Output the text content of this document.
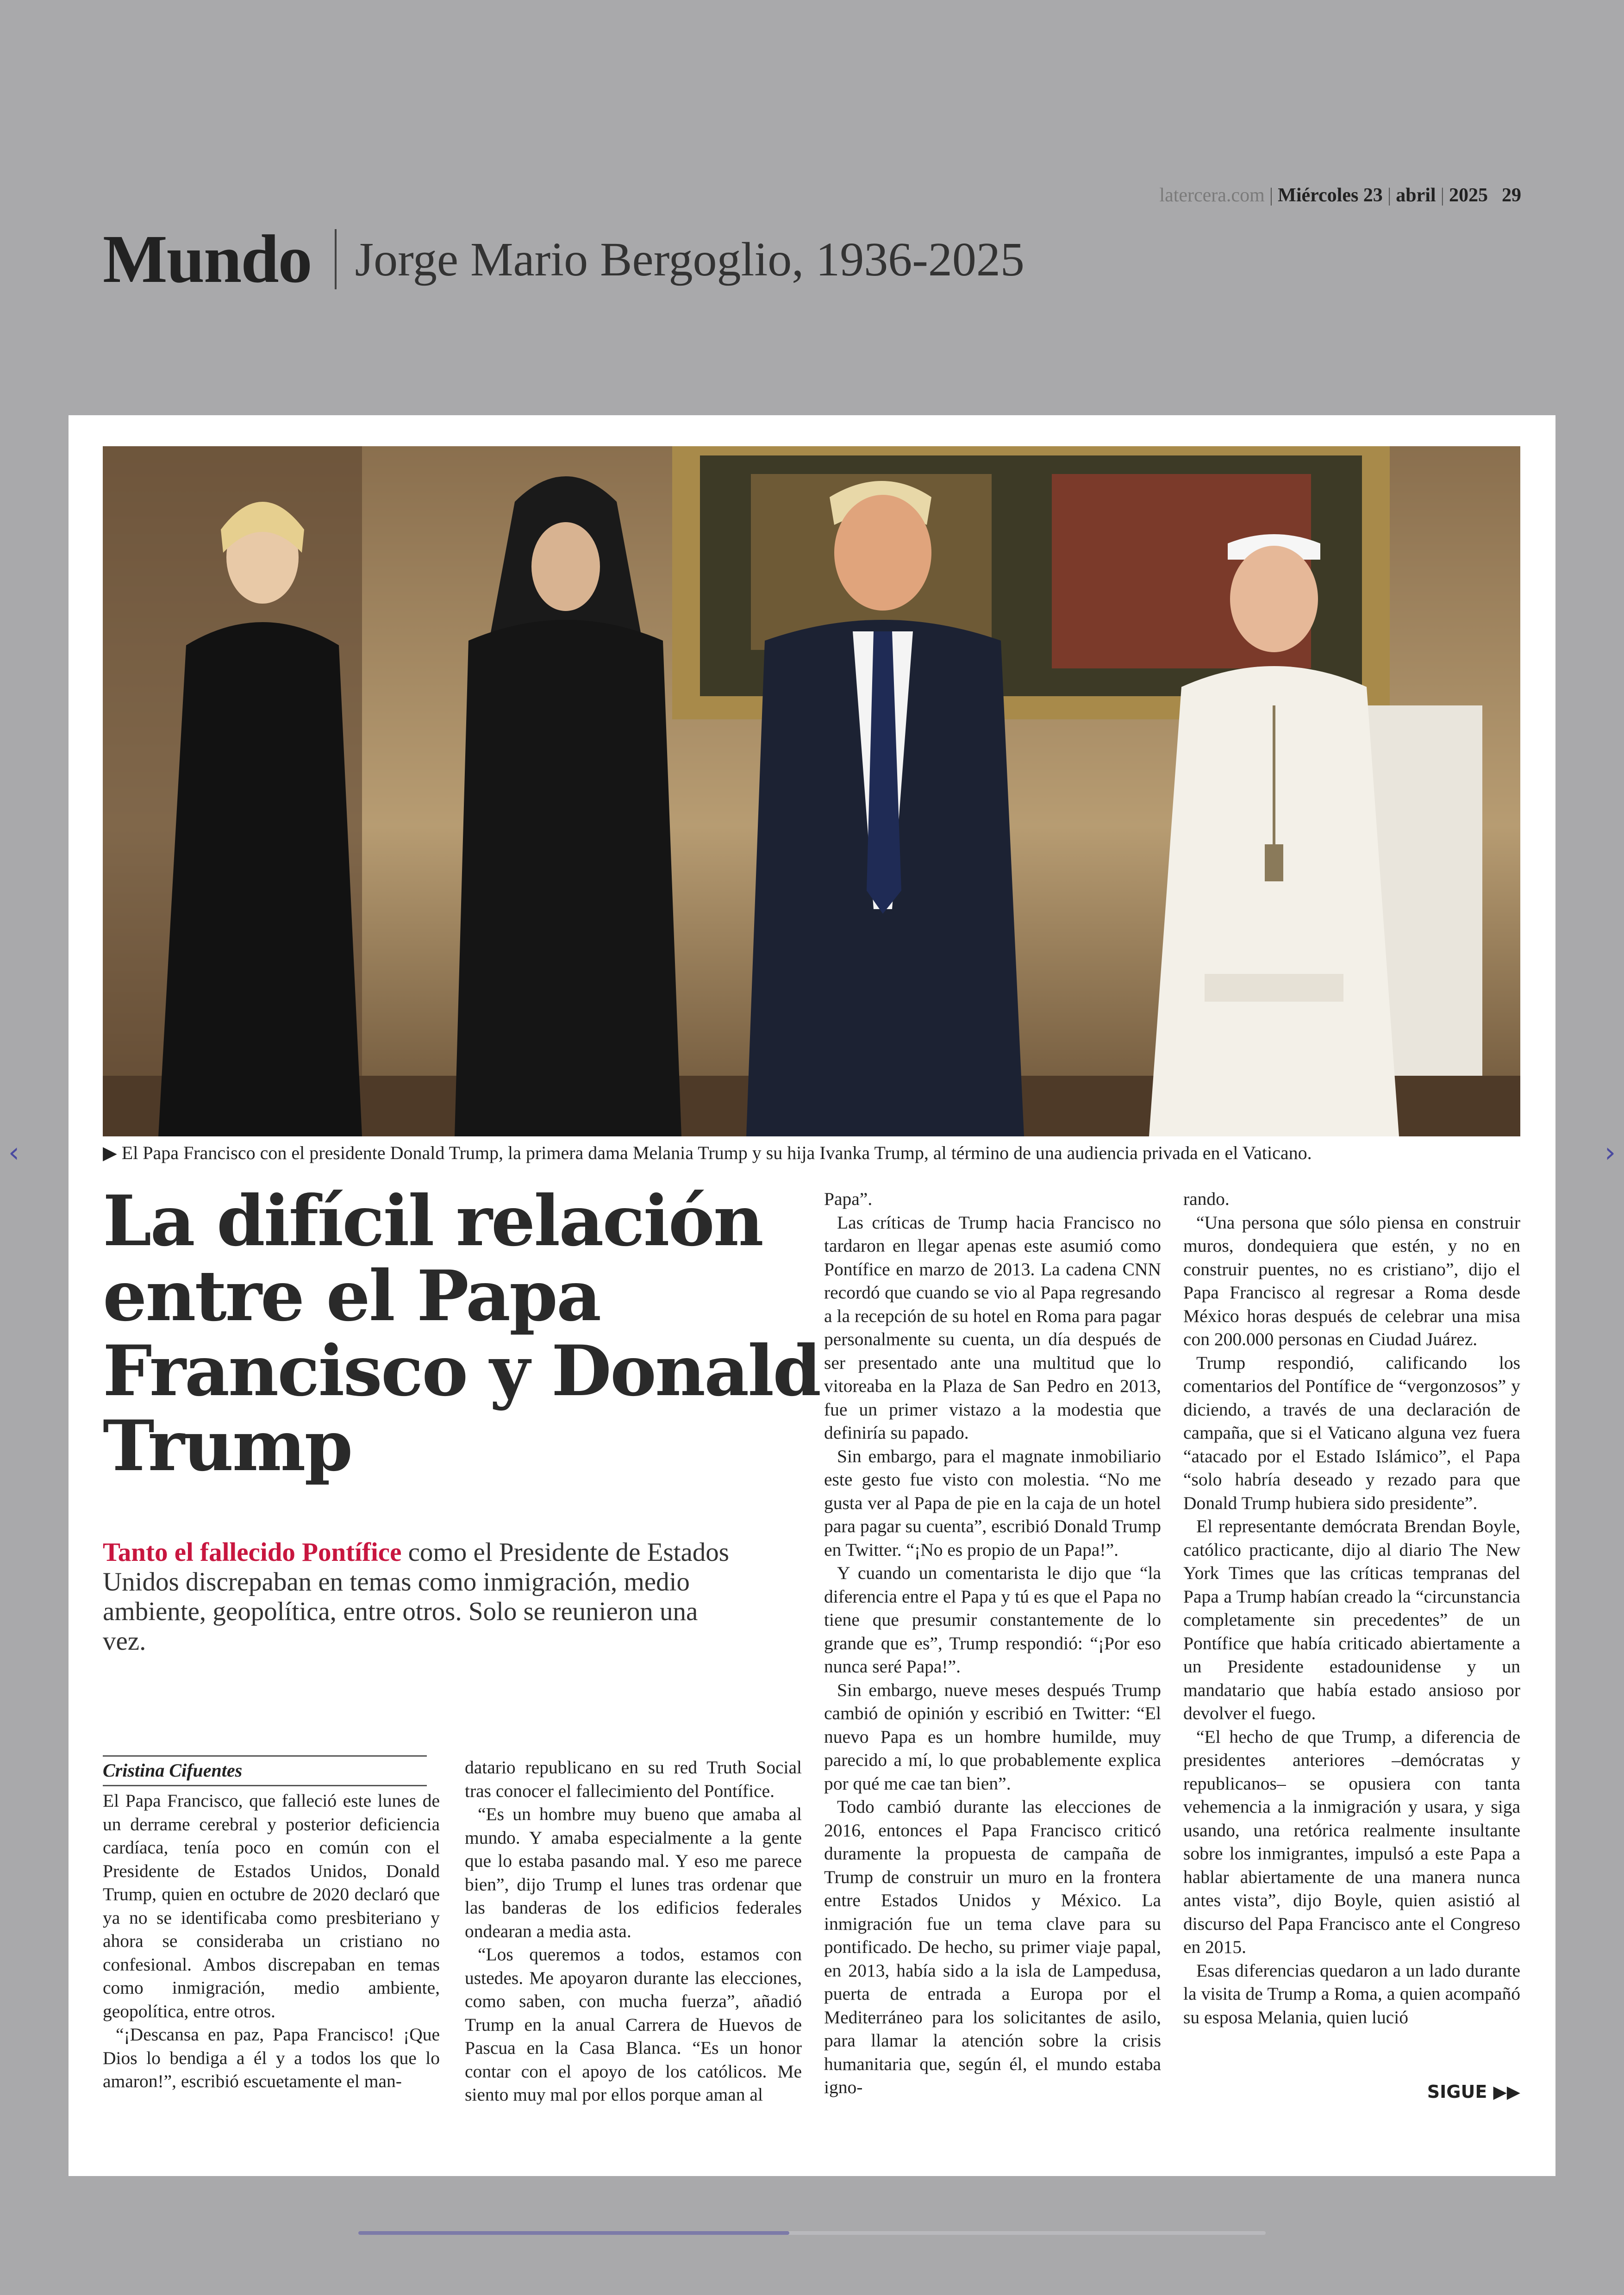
latercera.com | Miércoles 23 | abril | 2025 29
Mundo Jorge Mario Bergoglio, 1936-2025
‹	›
▶ El Papa Francisco con el presidente Donald Trump, la primera dama Melania Trump y su hija Ivanka Trump, al término de una audiencia privada en el Vaticano.
La difícil relación entre el Papa Francisco y Donald Trump

Tanto el fallecido Pontífice como el Presidente de Estados Unidos discrepaban en temas como inmigración, medio ambiente, geopolítica, entre otros. Solo se reunieron una vez.

Cristina Cifuentes

El Papa Francisco, que falleció este lunes de un derrame cerebral y posterior deficiencia cardíaca, tenía poco en común con el Presidente de Estados Unidos, Donald Trump, quien en octubre de 2020 declaró que ya no se identificaba como presbiteriano y ahora se consideraba un cristiano no confesional. Ambos discrepaban en temas como inmigración, medio ambiente, geopolítica, entre otros.

“¡Descansa en paz, Papa Francisco! ¡Que Dios lo bendiga a él y a todos los que lo amaron!”, escribió escuetamente el man-

datario republicano en su red Truth Social tras conocer el fallecimiento del Pontífice.

“Es un hombre muy bueno que amaba al mundo. Y amaba especialmente a la gente que lo estaba pasando mal. Y eso me parece bien”, dijo Trump el lunes tras ordenar que las banderas de los edificios federales ondearan a media asta.

“Los queremos a todos, estamos con ustedes. Me apoyaron durante las elecciones, como saben, con mucha fuerza”, añadió Trump en la anual Carrera de Huevos de Pascua en la Casa Blanca. “Es un honor contar con el apoyo de los católicos. Me siento muy mal por ellos porque aman al

Papa”.

Las críticas de Trump hacia Francisco no tardaron en llegar apenas este asumió como Pontífice en marzo de 2013. La cadena CNN recordó que cuando se vio al Papa regresando a la recepción de su hotel en Roma para pagar personalmente su cuenta, un día después de ser presentado ante una multitud que lo vitoreaba en la Plaza de San Pedro en 2013, fue un primer vistazo a la modestia que definiría su papado.

Sin embargo, para el magnate inmobiliario este gesto fue visto con molestia. “No me gusta ver al Papa de pie en la caja de un hotel para pagar su cuenta”, escribió Donald Trump en Twitter. “¡No es propio de un Papa!”.

Y cuando un comentarista le dijo que “la diferencia entre el Papa y tú es que el Papa no tiene que presumir constantemente de lo grande que es”, Trump respondió: “¡Por eso nunca seré Papa!”.

Sin embargo, nueve meses después Trump cambió de opinión y escribió en Twitter: “El nuevo Papa es un hombre humilde, muy parecido a mí, lo que probablemente explica por qué me cae tan bien”.

Todo cambió durante las elecciones de 2016, entonces el Papa Francisco criticó duramente la propuesta de campaña de Trump de construir un muro en la frontera entre Estados Unidos y México. La inmigración fue un tema clave para su pontificado. De hecho, su primer viaje papal, en 2013, había sido a la isla de Lampedusa, puerta de entrada a Europa por el Mediterráneo para los solicitantes de asilo, para llamar la atención sobre la crisis humanitaria que, según él, el mundo estaba igno-

rando.

“Una persona que sólo piensa en construir muros, dondequiera que estén, y no en construir puentes, no es cristiano”, dijo el Papa Francisco al regresar a Roma desde México horas después de celebrar una misa con 200.000 personas en Ciudad Juárez.

Trump respondió, calificando los comentarios del Pontífice de “vergonzosos” y diciendo, a través de una declaración de campaña, que si el Vaticano alguna vez fuera “atacado por el Estado Islámico”, el Papa “solo habría deseado y rezado para que Donald Trump hubiera sido presidente”.

El representante demócrata Brendan Boyle, católico practicante, dijo al diario The New York Times que las críticas tempranas del Papa a Trump habían creado la “circunstancia completamente sin precedentes” de un Pontífice que había criticado abiertamente a un Presidente estadounidense y un mandatario que había estado ansioso por devolver el fuego.

“El hecho de que Trump, a diferencia de presidentes anteriores –demócratas y republicanos– se opusiera con tanta vehemencia a la inmigración y usara, y siga usando, una retórica realmente insultante sobre los inmigrantes, impulsó a este Papa a hablar abiertamente de una manera nunca antes vista”, dijo Boyle, quien asistió al discurso del Papa Francisco ante el Congreso en 2015.

Esas diferencias quedaron a un lado durante la visita de Trump a Roma, a quien acompañó su esposa Melania, quien lució

SIGUE ▶▶
